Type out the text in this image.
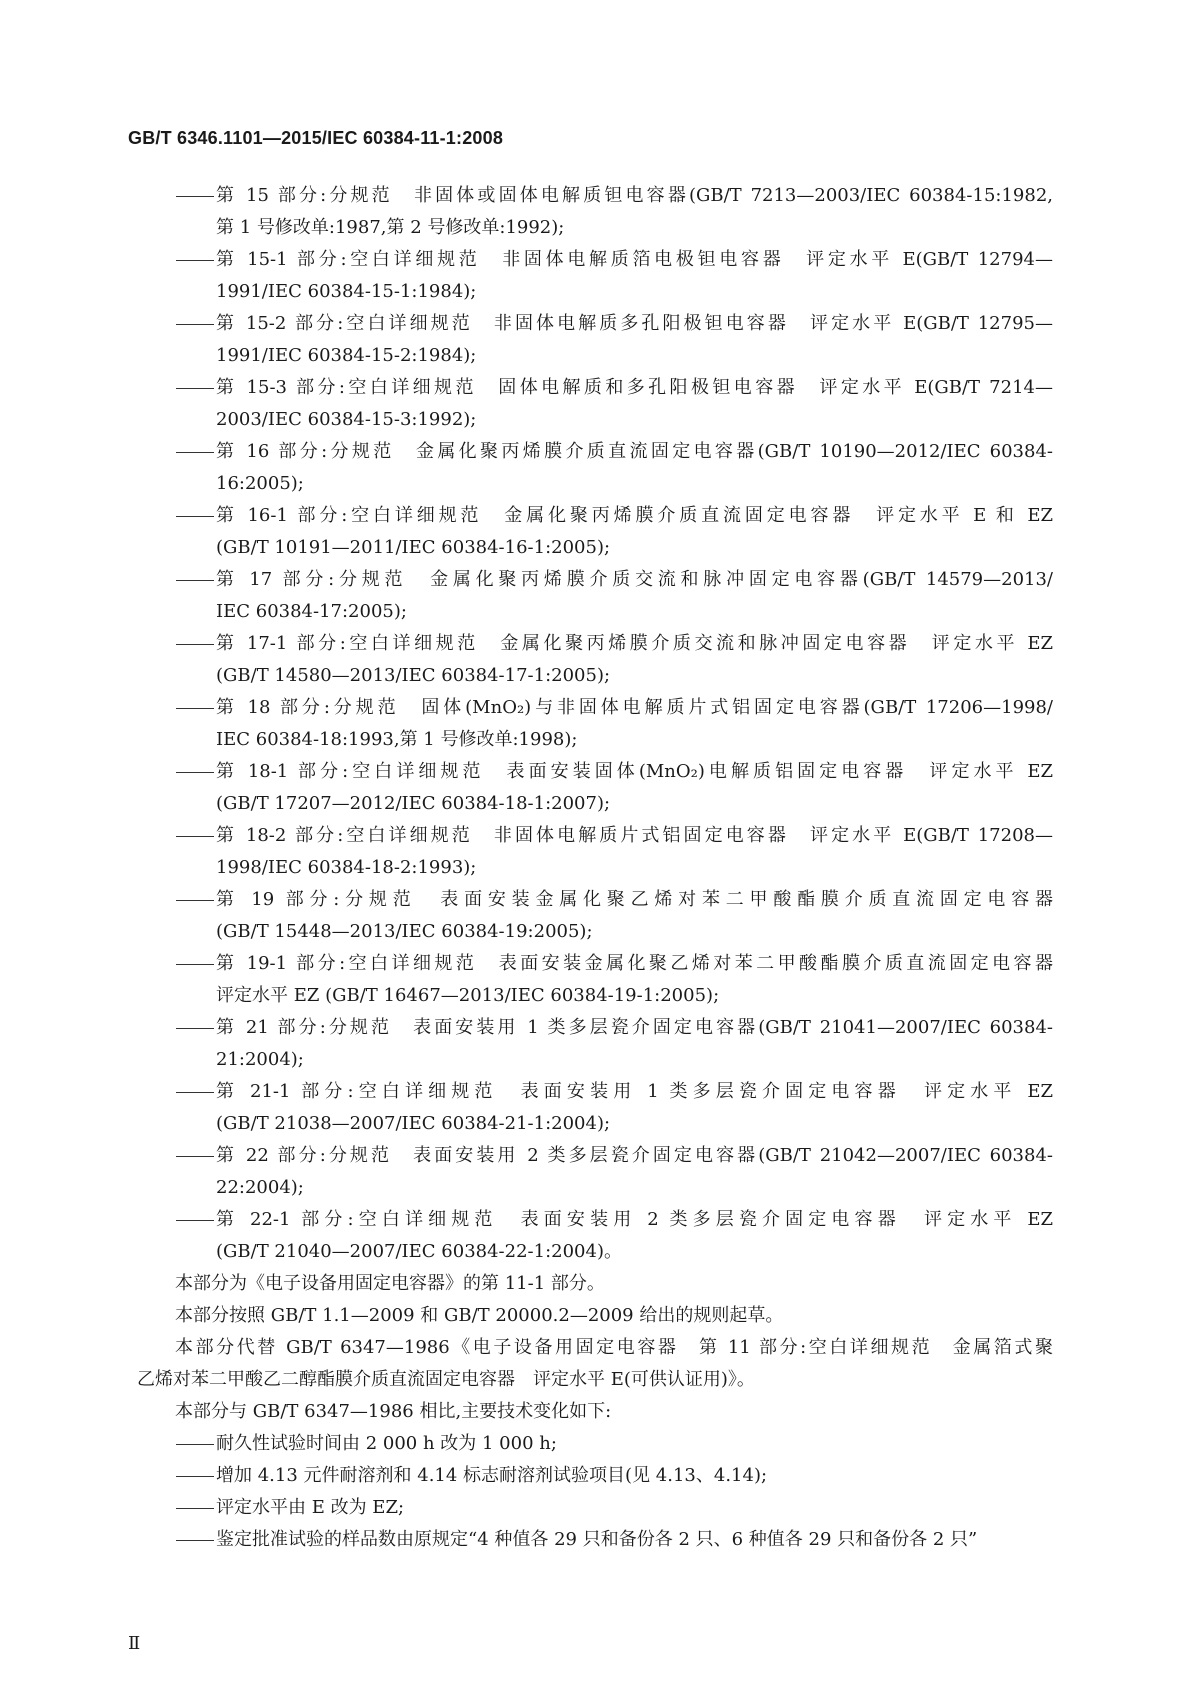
GB/T 6346.1101—2015/IEC 60384-11-1:2008
第 15 部分:分规范　非固体或固体电解质钽电容器(GB/T 7213—2003/IEC 60384-15:1982,
第 1 号修改单:1987,第 2 号修改单:1992);
第 15-1 部分:空白详细规范　非固体电解质箔电极钽电容器　评定水平 E(GB/T 12794—
1991/IEC 60384-15-1:1984);
第 15-2 部分:空白详细规范　非固体电解质多孔阳极钽电容器　评定水平 E(GB/T 12795—
1991/IEC 60384-15-2:1984);
第 15-3 部分:空白详细规范　固体电解质和多孔阳极钽电容器　评定水平 E(GB/T 7214—
2003/IEC 60384-15-3:1992);
第 16 部分:分规范　金属化聚丙烯膜介质直流固定电容器(GB/T 10190—2012/IEC 60384-
16:2005);
第 16-1 部分:空白详细规范　金属化聚丙烯膜介质直流固定电容器　评定水平 E 和 EZ
(GB/T 10191—2011/IEC 60384-16-1:2005);
第 17 部分:分规范　金属化聚丙烯膜介质交流和脉冲固定电容器(GB/T 14579—2013/
IEC 60384-17:2005);
第 17-1 部分:空白详细规范　金属化聚丙烯膜介质交流和脉冲固定电容器　评定水平 EZ
(GB/T 14580—2013/IEC 60384-17-1:2005);
第 18 部分:分规范　固体(MnO₂)与非固体电解质片式铝固定电容器(GB/T 17206—1998/
IEC 60384-18:1993,第 1 号修改单:1998);
第 18-1 部分:空白详细规范　表面安装固体(MnO₂)电解质铝固定电容器　评定水平 EZ
(GB/T 17207—2012/IEC 60384-18-1:2007);
第 18-2 部分:空白详细规范　非固体电解质片式铝固定电容器　评定水平 E(GB/T 17208—
1998/IEC 60384-18-2:1993);
第 19 部分:分规范　表面安装金属化聚乙烯对苯二甲酸酯膜介质直流固定电容器
(GB/T 15448—2013/IEC 60384-19:2005);
第 19-1 部分:空白详细规范　表面安装金属化聚乙烯对苯二甲酸酯膜介质直流固定电容器
评定水平 EZ (GB/T 16467—2013/IEC 60384-19-1:2005);
第 21 部分:分规范　表面安装用 1 类多层瓷介固定电容器(GB/T 21041—2007/IEC 60384-
21:2004);
第 21-1 部分:空白详细规范　表面安装用 1 类多层瓷介固定电容器　评定水平 EZ
(GB/T 21038—2007/IEC 60384-21-1:2004);
第 22 部分:分规范　表面安装用 2 类多层瓷介固定电容器(GB/T 21042—2007/IEC 60384-
22:2004);
第 22-1 部分:空白详细规范　表面安装用 2 类多层瓷介固定电容器　评定水平 EZ
(GB/T 21040—2007/IEC 60384-22-1:2004)。
本部分为《电子设备用固定电容器》的第 11-1 部分。
本部分按照 GB/T 1.1—2009 和 GB/T 20000.2—2009 给出的规则起草。
本部分代替 GB/T 6347—1986《电子设备用固定电容器　第 11 部分:空白详细规范　金属箔式聚
乙烯对苯二甲酸乙二醇酯膜介质直流固定电容器　评定水平 E(可供认证用)》。
本部分与 GB/T 6347—1986 相比,主要技术变化如下:
耐久性试验时间由 2 000 h 改为 1 000 h;
增加 4.13 元件耐溶剂和 4.14 标志耐溶剂试验项目(见 4.13、4.14);
评定水平由 E 改为 EZ;
鉴定批准试验的样品数由原规定“4 种值各 29 只和备份各 2 只、6 种值各 29 只和备份各 2 只”
Ⅱ
